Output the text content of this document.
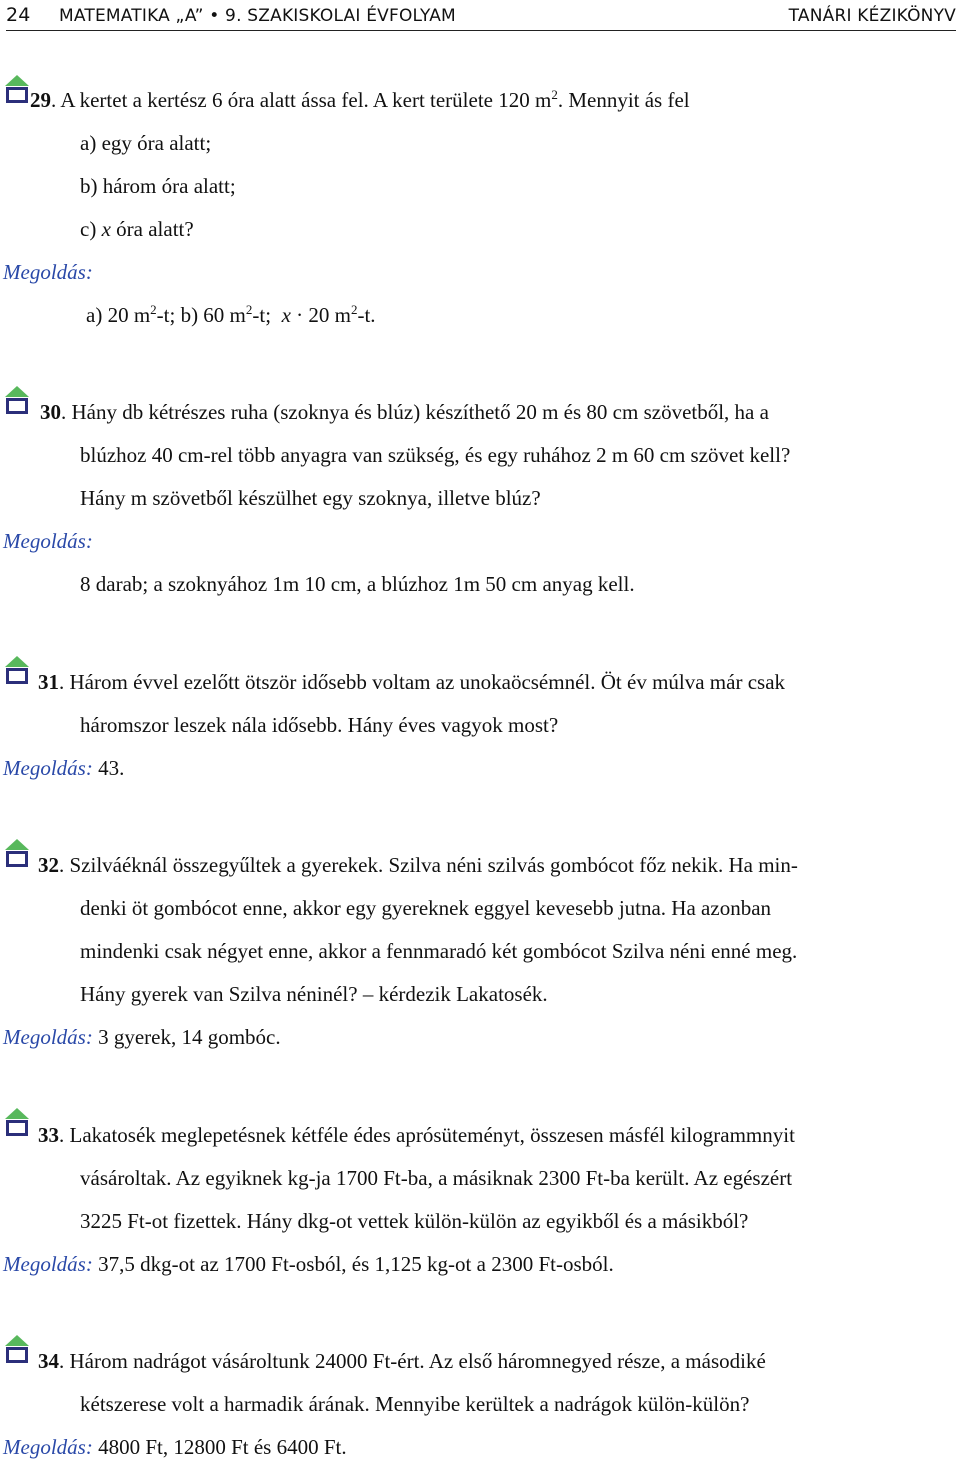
24 MATEMATIKA „A” • 9. SZAKISKOLAI ÉVFOLYAM	TANÁRI KÉZIKÖNYV
29. A kertet a kertész 6 óra alatt ássa fel. A kert területe 120 $m^2$. Mennyit ás fel
a) egy óra alatt;
b) három óra alatt;
c) x óra alatt?
Megoldás:
a) 20 $m^2-t$; b) 60 $m^2-t$; x · 20 $m^2-t$.
30. Hány db kétrészes ruha (szoknya és blúz) készíthető 20 m és 80 cm szövetből, ha a
blúzhoz 40 cm-rel több anyagra van szükség, és egy ruhához 2 m 60 cm szövet kell?
Hány m szövetből készülhet egy szoknya, illetve blúz?
Megoldás:
8 darab; a szoknyához 1m 10 cm, a blúzhoz 1m 50 cm anyag kell.
31. Három évvel ezelőtt ötször idősebb voltam az unokaöcsémnél. Öt év múlva már csak
háromszor leszek nála idősebb. Hány éves vagyok most?
Megoldás: 43.
32. Szilváéknál összegyűltek a gyerekek. Szilva néni szilvás gombócot főz nekik. Ha min-
denki öt gombócot enne, akkor egy gyereknek eggyel kevesebb jutna. Ha azonban
mindenki csak négyet enne, akkor a fennmaradó két gombócot Szilva néni enné meg.
Hány gyerek van Szilva néninél? – kérdezik Lakatosék.
Megoldás: 3 gyerek, 14 gombóc.
33. Lakatosék meglepetésnek kétféle édes aprósüteményt, összesen másfél kilogrammnyit
vásároltak. Az egyiknek kg-ja 1700 Ft-ba, a másiknak 2300 Ft-ba került. Az egészért
3225 Ft-ot fizettek. Hány dkg-ot vettek külön-külön az egyikből és a másikból?
Megoldás: 37,5 dkg-ot az 1700 Ft-osból, és 1,125 kg-ot a 2300 Ft-osból.
34. Három nadrágot vásároltunk 24000 Ft-ért. Az első háromnegyed része, a másodiké
kétszerese volt a harmadik árának. Mennyibe kerültek a nadrágok külön-külön?
Megoldás: 4800 Ft, 12800 Ft és 6400 Ft.
